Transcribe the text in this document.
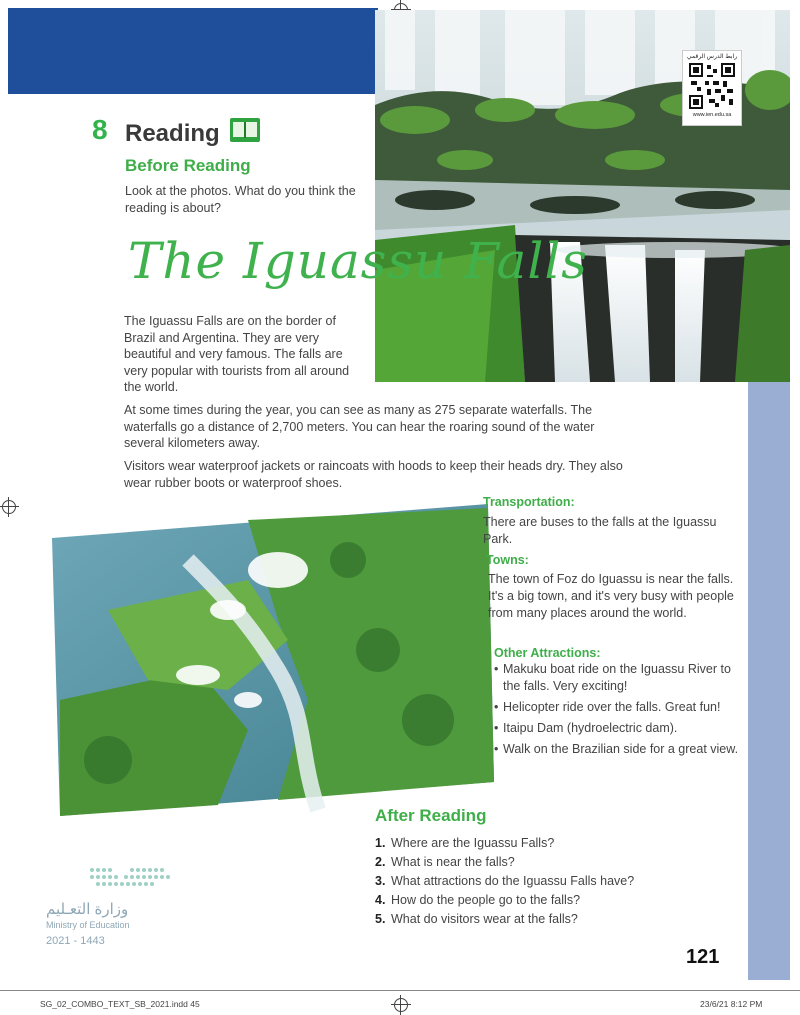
رابط الدرس الرقمي
www.ien.edu.sa
8 Reading
Before Reading
Look at the photos. What do you think the reading is about?
The Iguassu Falls
The Iguassu Falls are on the border of Brazil and Argentina. They are very beautiful and very famous. The falls are very popular with tourists from all around the world.
At some times during the year, you can see as many as 275 separate waterfalls. The waterfalls go a distance of 2,700 meters. You can hear the roaring sound of the water several kilometers away.
Visitors wear waterproof jackets or raincoats with hoods to keep their heads dry. They also wear rubber boots or waterproof shoes.
Transportation:
There are buses to the falls at the Iguassu Park.
Towns:
The town of Foz do Iguassu is near the falls. It's a big town, and it's very busy with people from many places around the world.
Other Attractions:
• Makuku boat ride on the Iguassu River to the falls. Very exciting!
• Helicopter ride over the falls. Great fun!
• Itaipu Dam (hydroelectric dam).
• Walk on the Brazilian side for a great view.
After Reading
1. Where are the Iguassu Falls?
2. What is near the falls?
3. What attractions do the Iguassu Falls have?
4. How do the people go to the falls?
5. What do visitors wear at the falls?
وزارة التعـليم
Ministry of Education
2021 - 1443
121
SG_02_COMBO_TEXT_SB_2021.indd 45	23/6/21 8:12 PM
